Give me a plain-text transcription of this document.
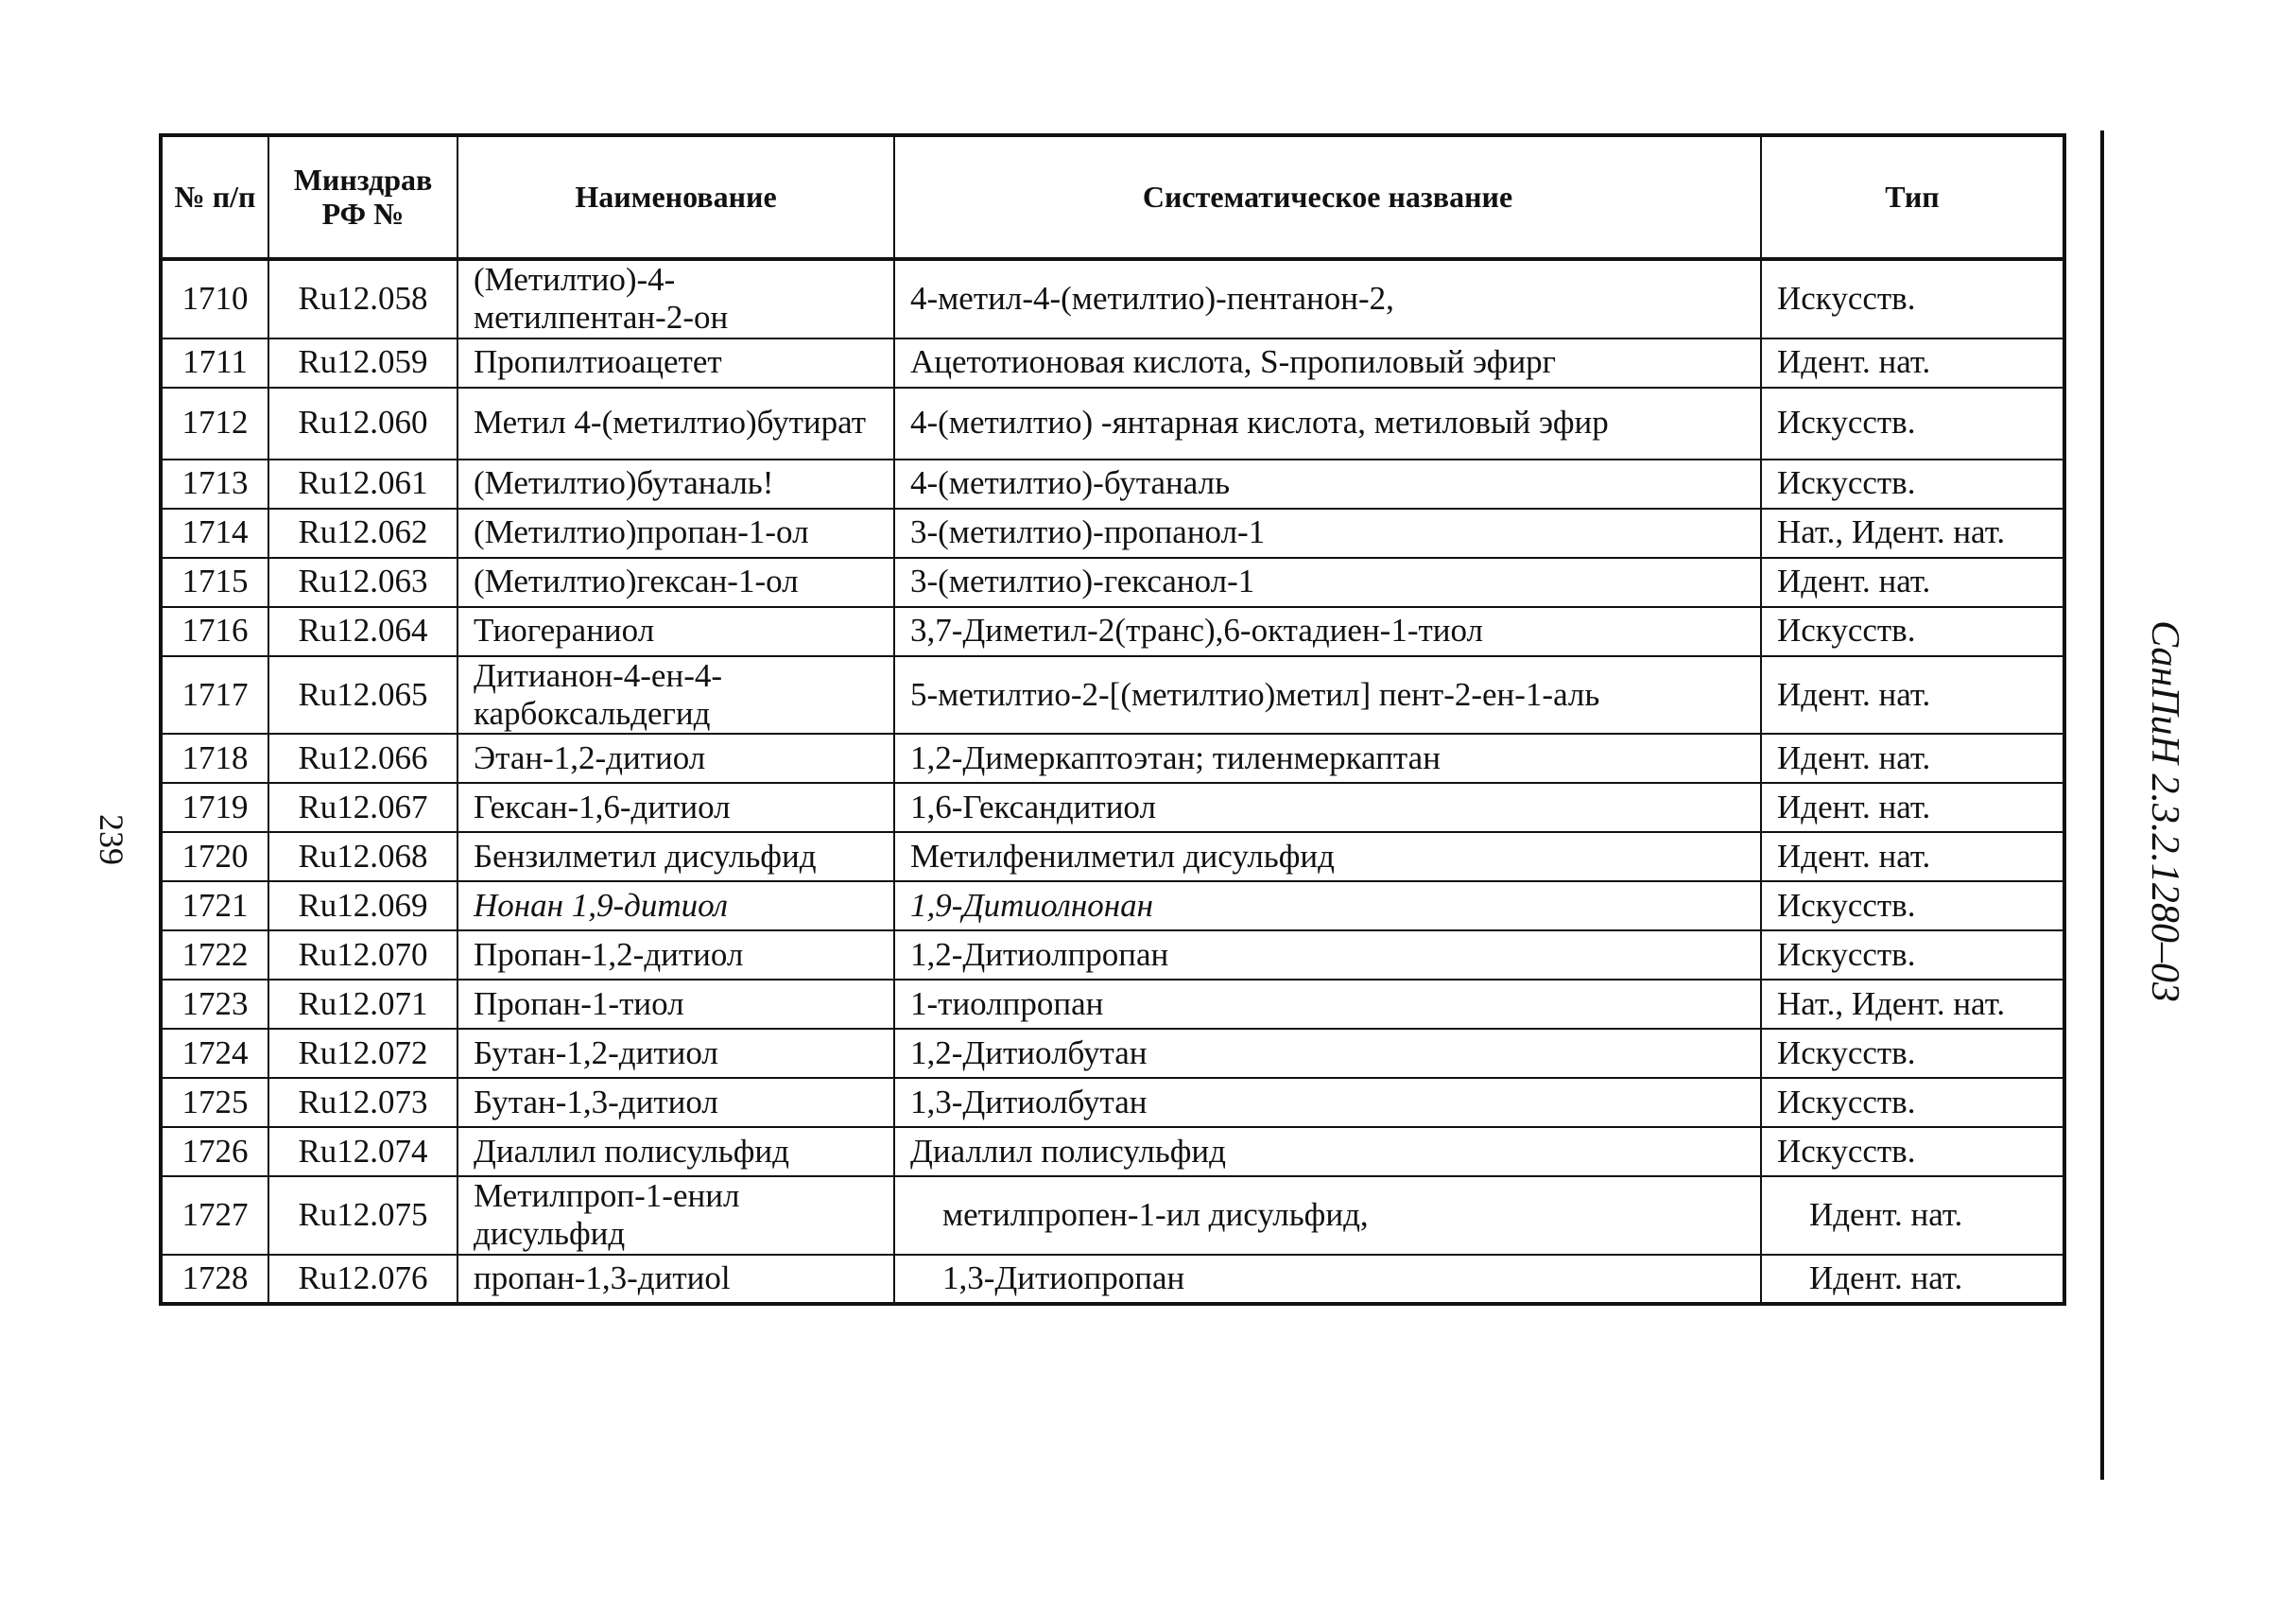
239
№ п/п	Минздрав РФ №	Наименование	Систематическое название	Тип
1710	Ru12.058	(Метилтио)-4-метилпентан-2-он	4-метил-4-(метилтио)-пентанон-2,	Искусств.
1711	Ru12.059	Пропилтиоацетет	Ацетотионовая кислота, S-пропиловый эфирг	Идент. нат.
1712	Ru12.060	Метил 4-(метилтио)бутират	4-(метилтио) -янтарная кислота, метиловый эфир	Искусств.
1713	Ru12.061	(Метилтио)бутаналь!	4-(метилтио)-бутаналь	Искусств.
1714	Ru12.062	(Метилтио)пропан-1-ол	3-(метилтио)-пропанол-1	Нат., Идент. нат.
1715	Ru12.063	(Метилтио)гексан-1-ол	3-(метилтио)-гексанол-1	Идент. нат.
1716	Ru12.064	Тиогераниол	3,7-Диметил-2(транс),6-октадиен-1-тиол	Искусств.
1717	Ru12.065	Дитианон-4-ен-4-карбоксальдегид	5-метилтио-2-[(метилтио)метил] пент-2-ен-1-аль	Идент. нат.
1718	Ru12.066	Этан-1,2-дитиол	1,2-Димеркаптоэтан; тиленмеркаптан	Идент. нат.
1719	Ru12.067	Гексан-1,6-дитиол	1,6-Гександитиол	Идент. нат.
1720	Ru12.068	Бензилметил дисульфид	Метилфенилметил дисульфид	Идент. нат.
1721	Ru12.069	Нонан 1,9-дитиол	1,9-Дитиолнонан	Искусств.
1722	Ru12.070	Пропан-1,2-дитиол	1,2-Дитиолпропан	Искусств.
1723	Ru12.071	Пропан-1-тиол	1-тиолпропан	Нат., Идент. нат.
1724	Ru12.072	Бутан-1,2-дитиол	1,2-Дитиолбутан	Искусств.
1725	Ru12.073	Бутан-1,3-дитиол	1,3-Дитиолбутан	Искусств.
1726	Ru12.074	Диаллил полисульфид	Диаллил полисульфид	Искусств.
1727	Ru12.075	Метилпроп-1-енил дисульфид	метилпропен-1-ил дисульфид,	Идент. нат.
1728	Ru12.076	пропан-1,3-дитиоl	1,3-Дитиопропан	Идент. нат.
СанПиН 2.3.2.1280–03
